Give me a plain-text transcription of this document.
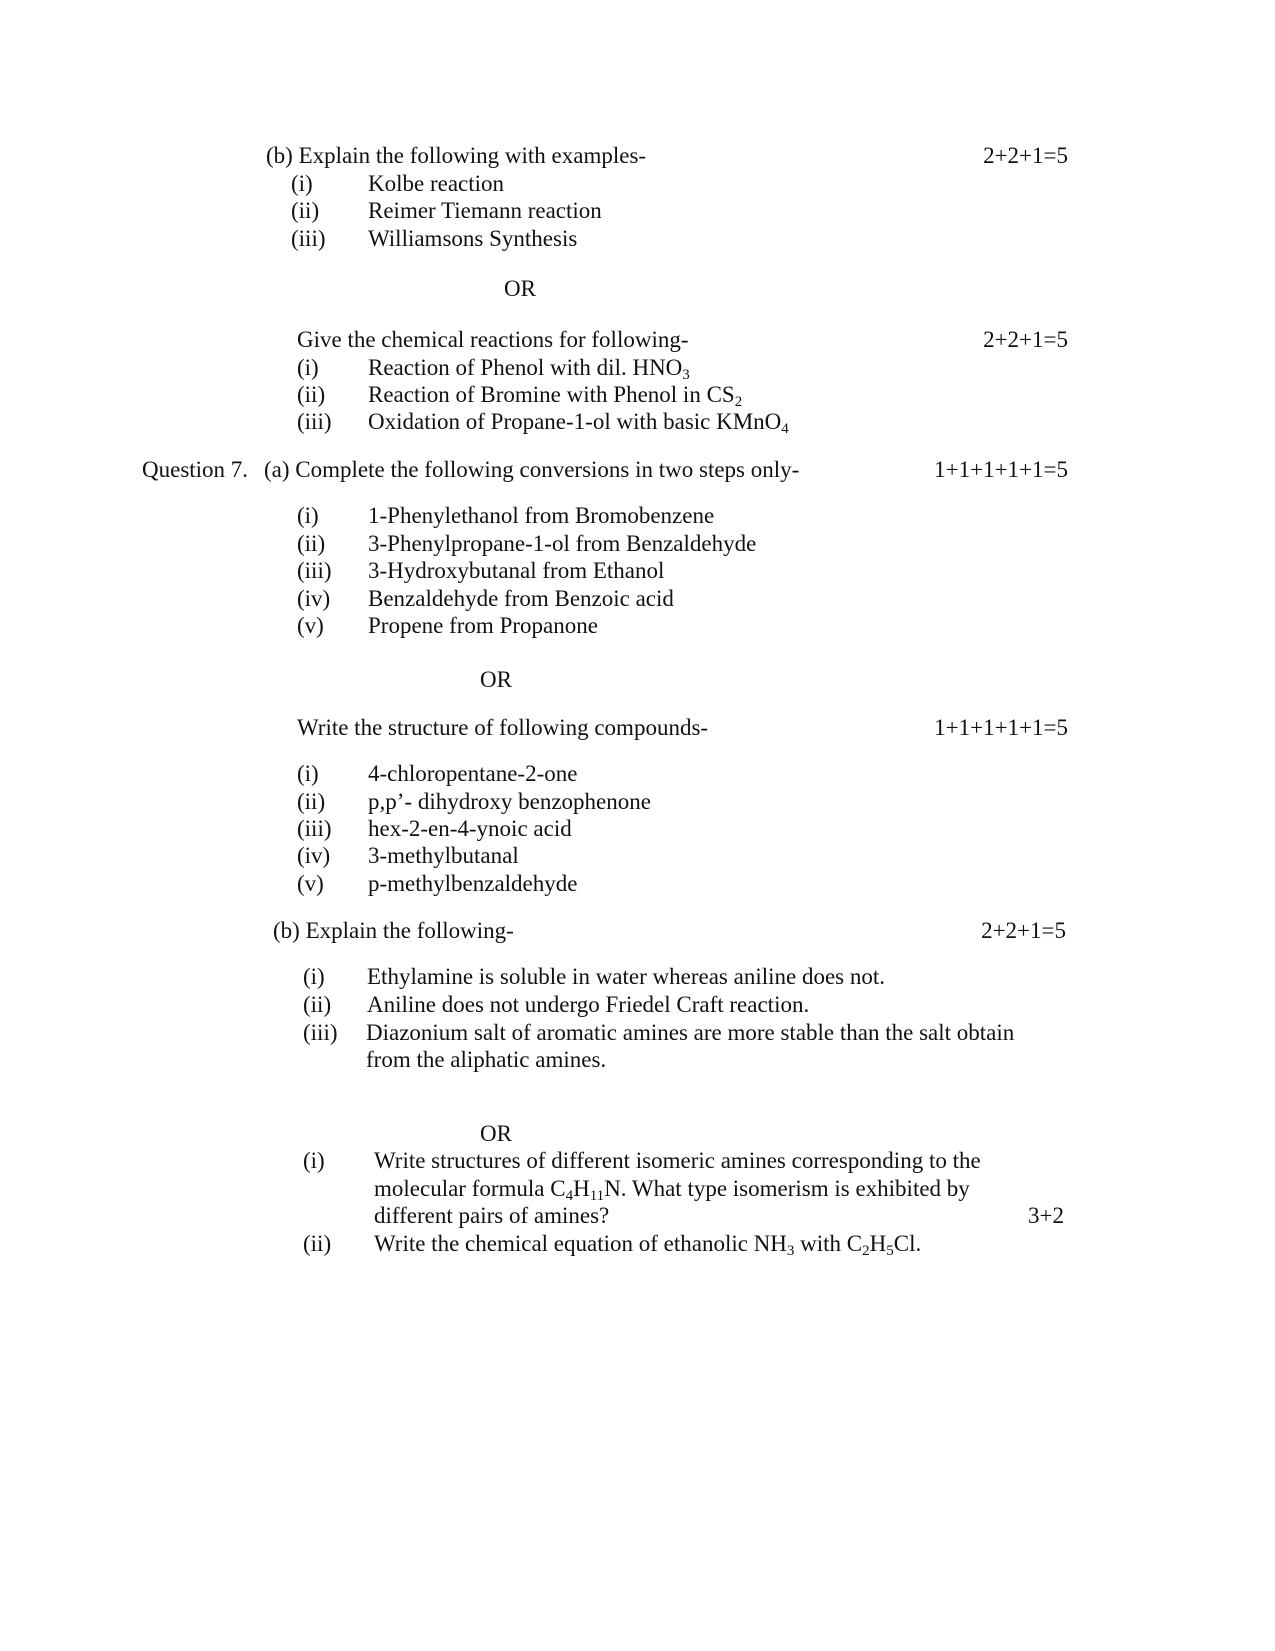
(b) Explain the following with examples-	2+2+1=5
(i) Kolbe reaction
(ii) Reimer Tiemann reaction
(iii) Williamsons Synthesis
OR
Give the chemical reactions for following-	2+2+1=5
(i) Reaction of Phenol with dil. $HNO_3$
(ii) Reaction of Bromine with Phenol in $CS_2$
(iii) Oxidation of Propane-1-ol with basic KMnO$_4$
Question 7. (a) Complete the following conversions in two steps only-	1+1+1+1+1=5
(i) 1-Phenylethanol from Bromobenzene
(ii) 3-Phenylpropane-1-ol from Benzaldehyde
(iii) 3-Hydroxybutanal from Ethanol
(iv) Benzaldehyde from Benzoic acid
(v) Propene from Propanone
OR
Write the structure of following compounds-	1+1+1+1+1=5
(i) 4-chloropentane-2-one
(ii) p,p’- dihydroxy benzophenone
(iii) hex-2-en-4-ynoic acid
(iv) 3-methylbutanal
(v) p-methylbenzaldehyde
(b) Explain the following-	2+2+1=5
(i) Ethylamine is soluble in water whereas aniline does not.
(ii) Aniline does not undergo Friedel Craft reaction.
(iii) Diazonium salt of aromatic amines are more stable than the salt obtain
from the aliphatic amines.
OR
(i) Write structures of different isomeric amines corresponding to the
molecular formula $C_4H_{11}N$. What type isomerism is exhibited by
different pairs of amines?	3+2
(ii) Write the chemical equation of ethanolic $NH_3$ with $C_2H_5Cl$.
